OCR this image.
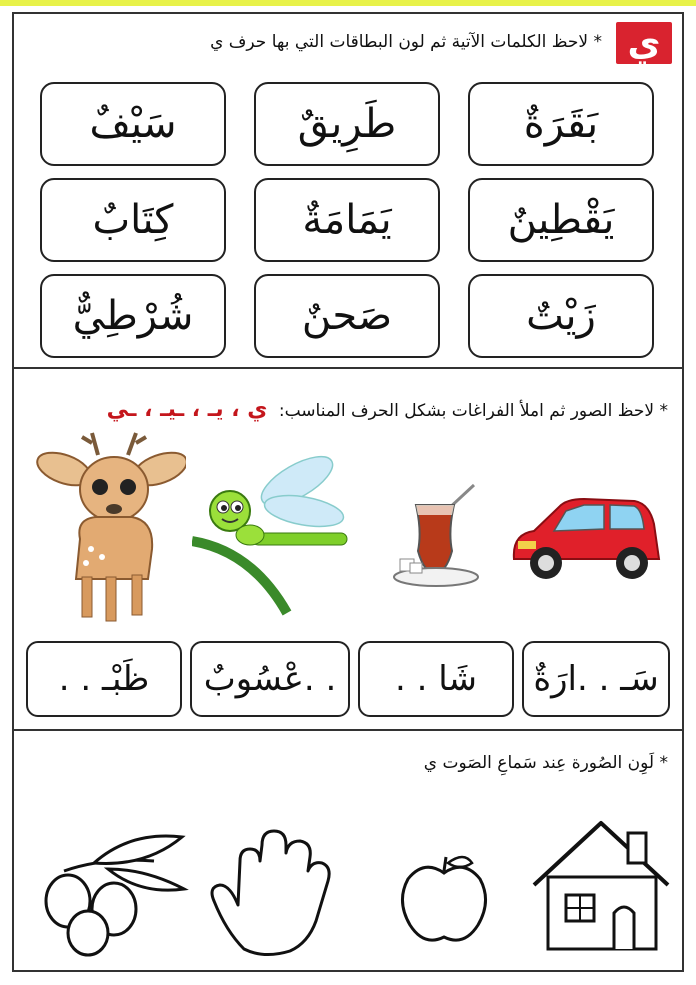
ي
* لاحظ الكلمات الآتية ثم لون البطاقات التي بها حرف ي
بَقَرَةٌ
طَرِيقٌ
سَيْفٌ
يَقْطِينٌ
يَمَامَةٌ
كِتَابٌ
زَيْتٌ
صَحنٌ
شُرْطِيٌّ
* لاحظ الصور ثم املأ الفراغات بشكل الحرف المناسب: ي ، يـ ، ـيـ ، ـي
سَـ . .ارَةٌ
شَا . .
. .عْسُوبٌ
ظَبْـ . .
* لَوِن الصُورة عِند سَماعِ الصَوت ي
